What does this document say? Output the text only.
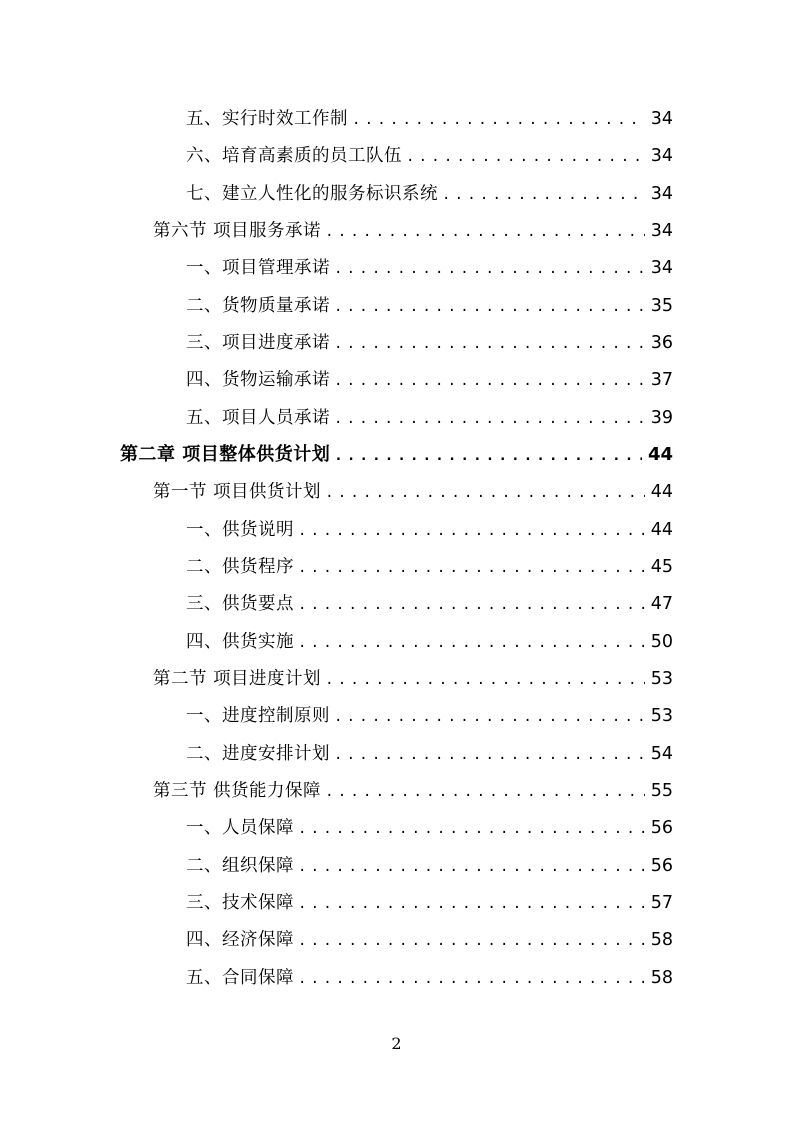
五、实行时效工作制 .....	34
六、培育高素质的员工队伍 .....	34
七、建立人性化的服务标识系统 .....	34
第六节 项目服务承诺 .....	34
一、项目管理承诺 .....	34
二、货物质量承诺 .....	35
三、项目进度承诺 .....	36
四、货物运输承诺 .....	37
五、项目人员承诺 .....	39
第二章 项目整体供货计划 .....	44
第一节 项目供货计划 .....	44
一、供货说明 .....	44
二、供货程序 .....	45
三、供货要点 .....	47
四、供货实施 .....	50
第二节 项目进度计划 .....	53
一、进度控制原则 .....	53
二、进度安排计划 .....	54
第三节 供货能力保障 .....	55
一、人员保障 .....	56
二、组织保障 .....	56
三、技术保障 .....	57
四、经济保障 .....	58
五、合同保障 .....	58
2
